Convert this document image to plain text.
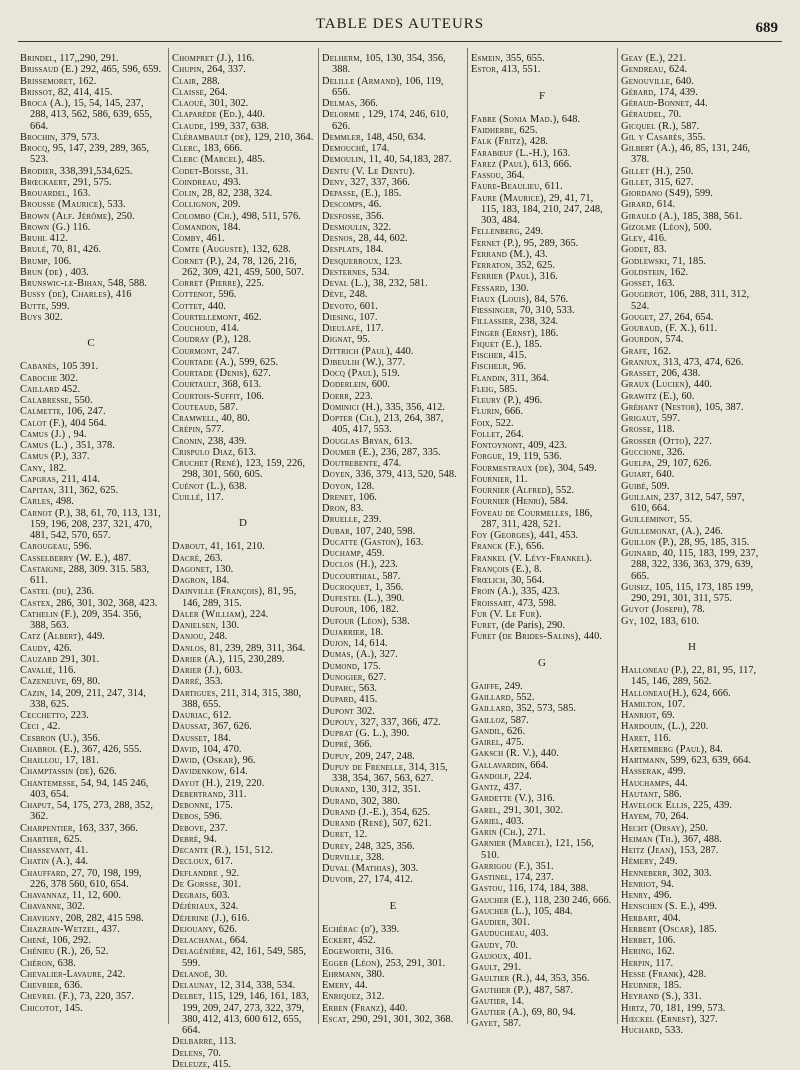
TABLE DES AUTEURS	689
Brindel, 117,,290, 291.
Brissaud (E.) 292, 465, 596, 659.
Brissemoret, 162.
Brissot, 82, 414, 415.
Broca (A.), 15, 54, 145, 237, 288, 413, 562, 586, 639, 655, 664.
Brochin, 379, 573.
Brocq, 95, 147, 239, 289, 365, 523.
Brodier, 338,391,534,625.
Brœckaert, 291, 575.
Brouardel, 163.
Brousse (Maurice), 533.
Brown (Alf. Jérôme), 250.
Brown (G.) 116.
Bruhl 412.
Brulé, 70, 81, 426.
Brump, 106.
Brun (de) , 403.
Brunswic-le-Bihan, 548, 588.
Bussy (de), Charles), 416
Butte, 599.
Buys 302.
C
Cabanès, 105 391.
Caboche 302.
Caillard 452.
Calabresse, 550.
Calmette, 106, 247.
Calot (F.), 404 564.
Camus (J.) , 94.
Camus (L.) , 351, 378.
Camus (P.), 337.
Cany, 182.
Capgras, 211, 414.
Capitan, 311, 362, 625.
Carles, 498.
Carnot (P.), 38, 61, 70, 113, 131, 159, 196, 208, 237, 321, 470, 481, 542, 570, 657.
Carougeau, 596.
Casselberry (W. E.), 487.
Castaigne, 288, 309. 315. 583, 611.
Castel (du), 236.
Castex, 286, 301, 302, 368, 423.
Cathelin (F.), 209, 354. 356, 388, 563.
Catz (Albert), 449.
Caudy, 426.
Cauzard 291, 301.
Cavalié, 116.
Cazeneuve, 69, 80.
Cazin, 14, 209, 211, 247, 314, 338, 625.
Cecchetto, 223.
Ceci , 42.
Cesbron (U.), 356.
Chabrol (E.), 367, 426, 555.
Chaillou, 17, 181.
Champtassin (de), 626.
Chantemesse, 54, 94, 145 246, 403, 654.
Chaput, 54, 175, 273, 288, 352, 362.
Charpentier, 163, 337, 366.
Chartier, 625.
Chassevant, 41.
Chatin (A.), 44.
Chauffard, 27, 70, 198, 199, 226, 378 560, 610, 654.
Chavannaz, 11, 12, 600.
Chavanne, 302.
Chavigny, 208, 282, 415 598.
Chazrain-Wetzel, 437.
Chené, 106, 292.
Chénieu (R.), 26, 52.
Chéron, 638.
Chevalier-Lavaure, 242.
Chevrier, 636.
Chevrel (F.), 73, 220, 357.
Chicotot, 145.
Chompret (J.), 116.
Chupin, 264, 337.
Clair, 288.
Claisse, 264.
Claoué, 301, 302.
Claparède (Ed.), 440.
Claude, 199, 337, 638.
Clérambault (de), 129, 210, 364.
Clerc, 183, 666.
Clerc (Marcel), 485.
Codet-Boisse, 31.
Coindreau, 493.
Colin, 28, 82, 238, 324.
Collignon, 209.
Colombo (Ch.), 498, 511, 576.
Comandon, 184.
Comby, 461.
Comte (Auguste), 132, 628.
Cornet (P.), 24, 78, 126, 216, 262, 309, 421, 459, 500, 507.
Corret (Pierre), 225.
Cottenot, 596.
Cottet, 440.
Courtellemont, 462.
Couchoud, 414.
Coudray (P.), 128.
Courmont, 247.
Courtade (A.), 599, 625.
Courtade (Denis), 627.
Courtault, 368, 613.
Courtois-Suffit, 106.
Couteaud, 587.
Cramwell, 40, 80.
Crépin, 577.
Cronin, 238, 439.
Crispulo Diaz, 613.
Cruchet (René), 123, 159, 226, 298, 301, 560, 605.
Cuénot (L.), 638.
Cuillé, 117.
D
Dabout, 41, 161, 210.
Dacré, 263.
Dagonet, 130.
Dagron, 184.
Dainville (François), 81, 95, 146, 289, 315.
Daler (William), 224.
Danielsen, 130.
Danjou, 248.
Danlos, 81, 239, 289, 311, 364.
Darier (A.), 115, 230,289.
Darier (J.), 603.
Darré, 353.
Dartigues, 211, 314, 315, 380, 388, 655.
Dauriac, 612.
Daussat, 367, 626.
Dausset, 184.
David, 104, 470.
David, (Oskar), 96.
Davidenkow, 614.
Dayot (H.), 219, 220.
Debertrand, 311.
Debonne, 175.
Debos, 596.
Debove, 237.
Debré, 94.
Decante (R.), 151, 512.
Decloux, 617.
Deflandre , 92.
De Gorsse, 301.
Degrais, 603.
Déjériaux, 324.
Déjerine (J.), 616.
Dejouany, 626.
Delachanal, 664.
Delagénière, 42, 161, 549, 585, 599.
Delanoë, 30.
Delaunay, 12, 314, 338, 534.
Delbet, 115, 129, 146, 161, 183, 199, 209, 247, 273, 322, 379, 380, 412, 413, 600 612, 655, 664.
Delbarre, 113.
Delens, 70.
Deleuze, 415.
Delherm, 105, 130, 354, 356, 388.
Delille (Armand), 106, 119, 656.
Delmas, 366.
Delorme , 129, 174, 246, 610, 626.
Demmler, 148, 450, 634.
Demouché, 174.
Demoulin, 11, 40, 54,183, 287.
Dentu (V. Le Dentu).
Deny, 327, 337, 366.
Depasse, (E.), 185.
Descomps, 46.
Desfosse, 356.
Desmoulin, 322.
Desnos, 28, 44, 602.
Desplats, 184.
Desquerroux, 123.
Desternes, 534.
Deval (L.), 38, 232, 581.
Dève, 248.
Devoto, 601.
Diesing, 107.
Dieulafé, 117.
Dignat, 95.
Dittrich (Paul), 440.
Djbeulih (W.), 377.
Docq (Paul), 519.
Doderlein, 600.
Doerr, 223.
Dominici (H.), 335, 356, 412.
Dopter (Ch.), 213, 264, 387, 405, 417, 553.
Douglas Bryan, 613.
Doumer (E.), 236, 287, 335.
Doutrebente, 474.
Doyen, 336, 379, 413, 520, 548.
Doyon, 128.
Drenet, 106.
Dron, 83.
Druelle, 239.
Dubar, 107, 240, 598.
Ducatte (Gaston), 163.
Duchamp, 459.
Duclos (H.), 223.
Ducourthial, 587.
Ducroquet, 1, 356.
Dufestel (L.), 390.
Dufour, 106, 182.
Dufour (Léon), 538.
Dujarrier, 18.
Dujon, 14, 614.
Dumas, (A.), 327.
Dumond, 175.
Dunogier, 627.
Duparc, 563.
Dupard, 415.
Dupont 302.
Dupouy, 327, 337, 366, 472.
Duprat (G. L.), 390.
Dupré, 366.
Dupuy, 209, 247, 248.
Dupuy de Frenelle, 314, 315, 338, 354, 367, 563, 627.
Durand, 130, 312, 351.
Durand, 302, 380.
Durand (J.-E.), 354, 625.
Durand (René), 507, 621.
Duret, 12.
Durey, 248, 325, 356.
Durville, 328.
Duval (Mathias), 303.
Duvoir, 27, 174, 412.
E
Echérac (d'), 339.
Eckert, 452.
Edgeworth, 316.
Egger (Léon), 253, 291, 301.
Ehrmann, 380.
Emery, 44.
Enriquez, 312.
Erben (Franz), 440.
Escat, 290, 291, 301, 302, 368.
Esmein, 355, 655.
Estor, 413, 551.
F
Fabre (Sonia Mad.), 648.
Faidherbe, 625.
Falk (Fritz), 428.
Farabœuf (L.-H.), 163.
Farez (Paul), 613, 666.
Fassou, 364.
Faure-Beaulieu, 611.
Faure (Maurice), 29, 41, 71, 115, 183, 184, 210, 247, 248, 303, 484.
Fellenberg, 249.
Fernet (P.), 95, 289, 365.
Ferrand (M.), 43.
Ferraton, 352, 625.
Ferrier (Paul), 316.
Fessard, 130.
Fiaux (Louis), 84, 576.
Fiessinger, 70, 310, 533.
Fillassier, 238, 324.
Finger (Ernst), 186.
Fiquet (E.), 185.
Fischer, 415.
Fischelr, 96.
Flandin, 311, 364.
Fleig, 585.
Fleury (P.), 496.
Flurin, 666.
Foix, 522.
Follet, 264.
Fontoynont, 409, 423.
Forgue, 19, 119, 536.
Fourmestraux (de), 304, 549.
Fournier, 11.
Fournier (Alfred), 552.
Fournier (Henri), 584.
Foveau de Courmelles, 186, 287, 311, 428, 521.
Foy (Georges), 441, 453.
Franck (F.), 656.
Frankel (V. Lévy-Frankel).
François (E.), 8.
Frœlich, 30, 564.
Froin (A.), 335, 423.
Froissart, 473, 598.
Fur (V. Le Fur).
Furet, (de Paris), 290.
Furet (de Brides-Salins), 440.
G
Gaiffe, 249.
Gaillard, 552.
Gaillard, 352, 573, 585.
Gailloz, 587.
Gandil, 626.
Gairel, 475.
Gaksch (R. V.), 440.
Gallavardin, 664.
Gandolf, 224.
Gantz, 437.
Gardette (V.), 316.
Garel, 291, 301, 302.
Gariel, 403.
Garin (Ch.), 271.
Garnier (Marcel), 121, 156, 510.
Garrigou (F.), 351.
Gastinel, 174, 237.
Gastou, 116, 174, 184, 388.
Gaucher (E.), 118, 230 246, 666.
Gaucher (L.), 105, 484.
Gaudier, 301.
Gauducheau, 403.
Gaudy, 70.
Gaujoux, 401.
Gault, 291.
Gaultier (R.), 44, 353, 356.
Gauthier (P.), 487, 587.
Gautier, 14.
Gautier (A.), 69, 80, 94.
Gayet, 587.
Geay (E.), 221.
Gendreau, 624.
Genouville, 640.
Gérard, 174, 439.
Géraud-Bonnet, 44.
Géraudel, 70.
Gicquel (R.), 587.
Gil y Casarès, 355.
Gilbert (A.), 46, 85, 131, 246, 378.
Gillet (H.), 250.
Gillet, 315, 627.
Giordano (S49), 599.
Girard, 614.
Girauld (A.), 185, 388, 561.
Gizolme (Léon), 500.
Gley, 416.
Godet, 83.
Godlewski, 71, 185.
Goldstein, 162.
Gosset, 163.
Gougerot, 106, 288, 311, 312, 524.
Gouget, 27, 264, 654.
Gouraud, (F. X.), 611.
Gourdon, 574.
Grafe, 162.
Granjux, 313, 473, 474, 626.
Grasset, 206, 438.
Graux (Lucien), 440.
Grawitz (E.), 60.
Gréhant (Nestor), 105, 387.
Grigaut, 597.
Grosse, 118.
Grosser (Otto), 227.
Guccione, 326.
Guelpa, 29, 107, 626.
Guiart, 640.
Guibé, 509.
Guillain, 237, 312, 547, 597, 610, 664.
Guilleminot, 55.
Guillemonat, (A.), 246.
Guillon (P.), 28, 95, 185, 315.
Guinard, 40, 115, 183, 199, 237, 288, 322, 336, 363, 379, 639, 665.
Guisez, 105, 115, 173, 185 199, 290, 291, 301, 311, 575.
Guyot (Joseph), 78.
Gy, 102, 183, 610.
H
Halloneau (P.), 22, 81, 95, 117, 145, 146, 289, 562.
Halloneau(H.), 624, 666.
Hamilton, 107.
Hanriot, 69.
Hardouin, (L.), 220.
Haret, 116.
Hartemberg (Paul), 84.
Hartmann, 599, 623, 639, 664.
Hasserak, 499.
Hauchamps, 44.
Hautant, 586.
Havelock Ellis, 225, 439.
Hayem, 70, 264.
Hecht (Orsay), 250.
Heiman (Th.), 367, 488.
Heitz (Jean), 153, 287.
Hémery, 249.
Henneberr, 302, 303.
Henriot, 94.
Henry, 496.
Henschen (S. E.), 499.
Herbart, 404.
Herbert (Oscar), 185.
Herbet, 106.
Hering, 162.
Herpin, 117.
Hesse (Frank), 428.
Heubner, 185.
Heyrand (S.), 331.
Hirtz, 70, 181, 199, 573.
Hœckel (Ernest), 327.
Huchard, 533.
